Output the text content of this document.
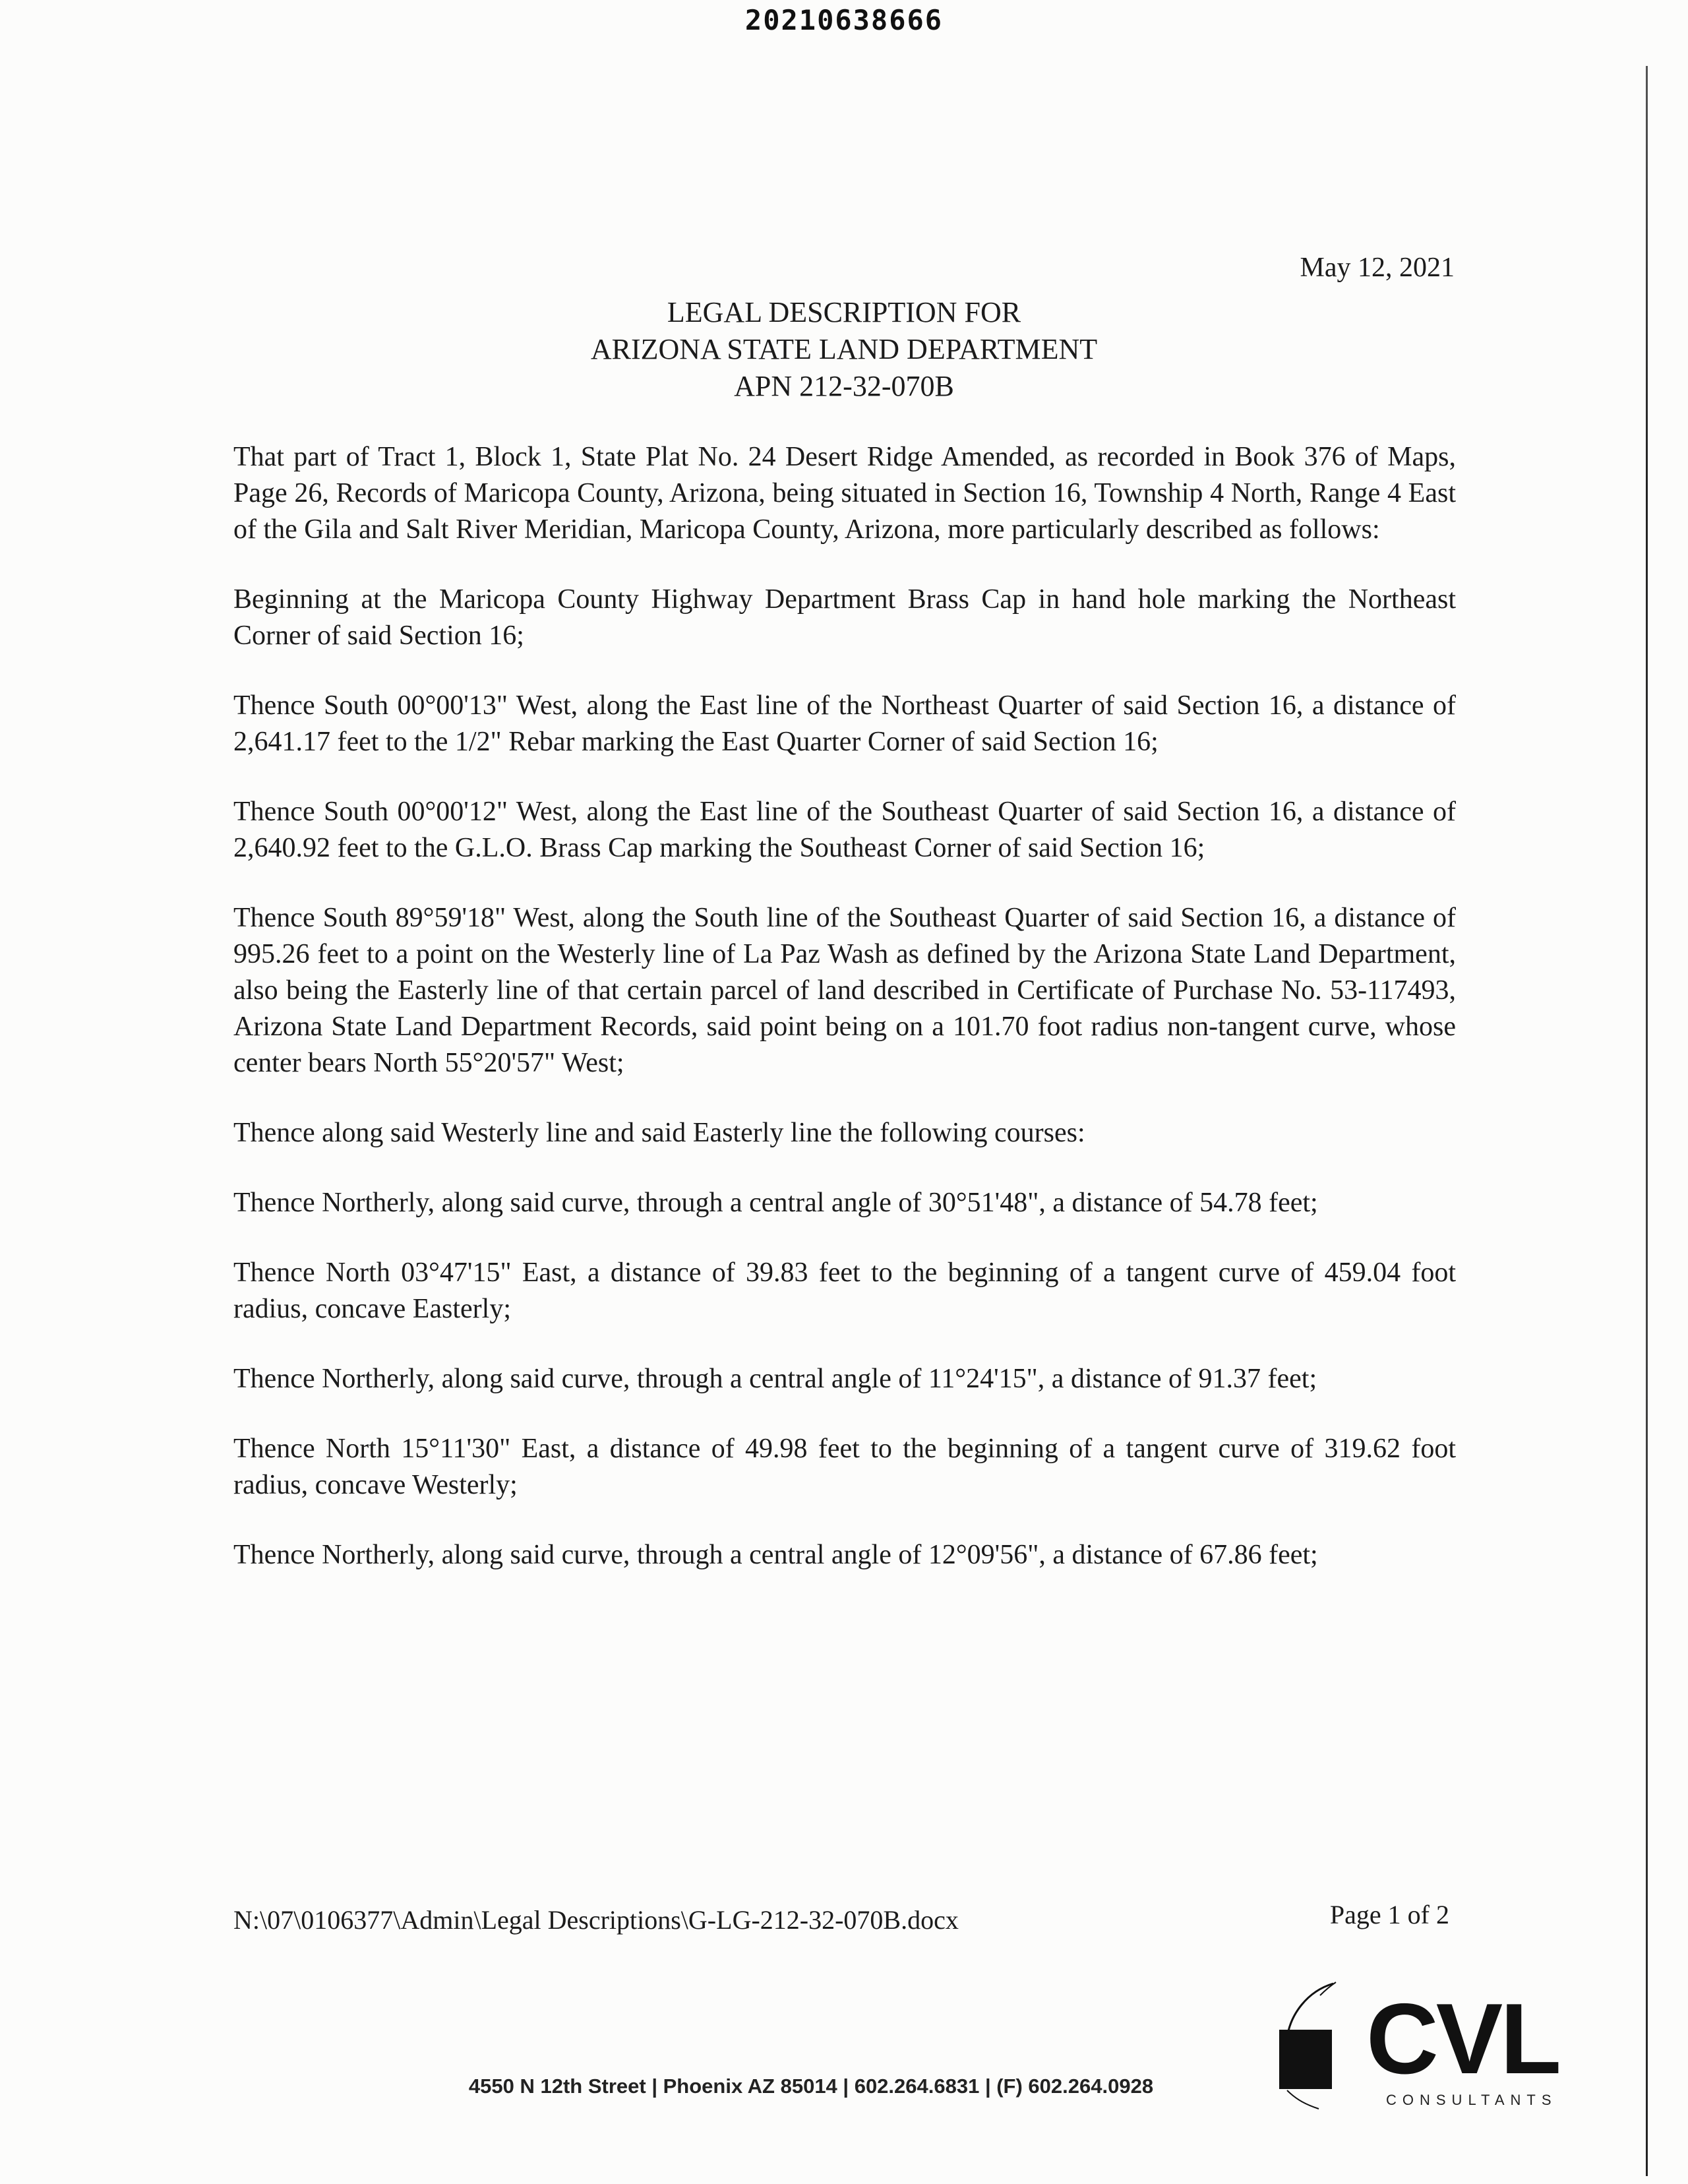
20210638666
May 12, 2021
LEGAL DESCRIPTION FOR
ARIZONA STATE LAND DEPARTMENT
APN 212-32-070B

That part of Tract 1, Block 1, State Plat No. 24 Desert Ridge Amended, as recorded in Book 376 of Maps, Page 26, Records of Maricopa County, Arizona, being situated in Section 16, Township 4 North, Range 4 East of the Gila and Salt River Meridian, Maricopa County, Arizona, more particularly described as follows:

Beginning at the Maricopa County Highway Department Brass Cap in hand hole marking the Northeast Corner of said Section 16;

Thence South 00°00'13" West, along the East line of the Northeast Quarter of said Section 16, a distance of 2,641.17 feet to the 1/2" Rebar marking the East Quarter Corner of said Section 16;

Thence South 00°00'12" West, along the East line of the Southeast Quarter of said Section 16, a distance of 2,640.92 feet to the G.L.O. Brass Cap marking the Southeast Corner of said Section 16;

Thence South 89°59'18" West, along the South line of the Southeast Quarter of said Section 16, a distance of 995.26 feet to a point on the Westerly line of La Paz Wash as defined by the Arizona State Land Department, also being the Easterly line of that certain parcel of land described in Certificate of Purchase No. 53-117493, Arizona State Land Department Records, said point being on a 101.70 foot radius non-tangent curve, whose center bears North 55°20'57" West;

Thence along said Westerly line and said Easterly line the following courses:

Thence Northerly, along said curve, through a central angle of 30°51'48", a distance of 54.78 feet;

Thence North 03°47'15" East, a distance of 39.83 feet to the beginning of a tangent curve of 459.04 foot radius, concave Easterly;

Thence Northerly, along said curve, through a central angle of 11°24'15", a distance of 91.37 feet;

Thence North 15°11'30" East, a distance of 49.98 feet to the beginning of a tangent curve of 319.62 foot radius, concave Westerly;

Thence Northerly, along said curve, through a central angle of 12°09'56", a distance of 67.86 feet;

N:\07\0106377\Admin\Legal Descriptions\G-LG-212-32-070B.docx	Page 1 of 2
4550 N 12th Street | Phoenix AZ 85014 | 602.264.6831 | (F) 602.264.0928	CVL
CONSULTANTS
